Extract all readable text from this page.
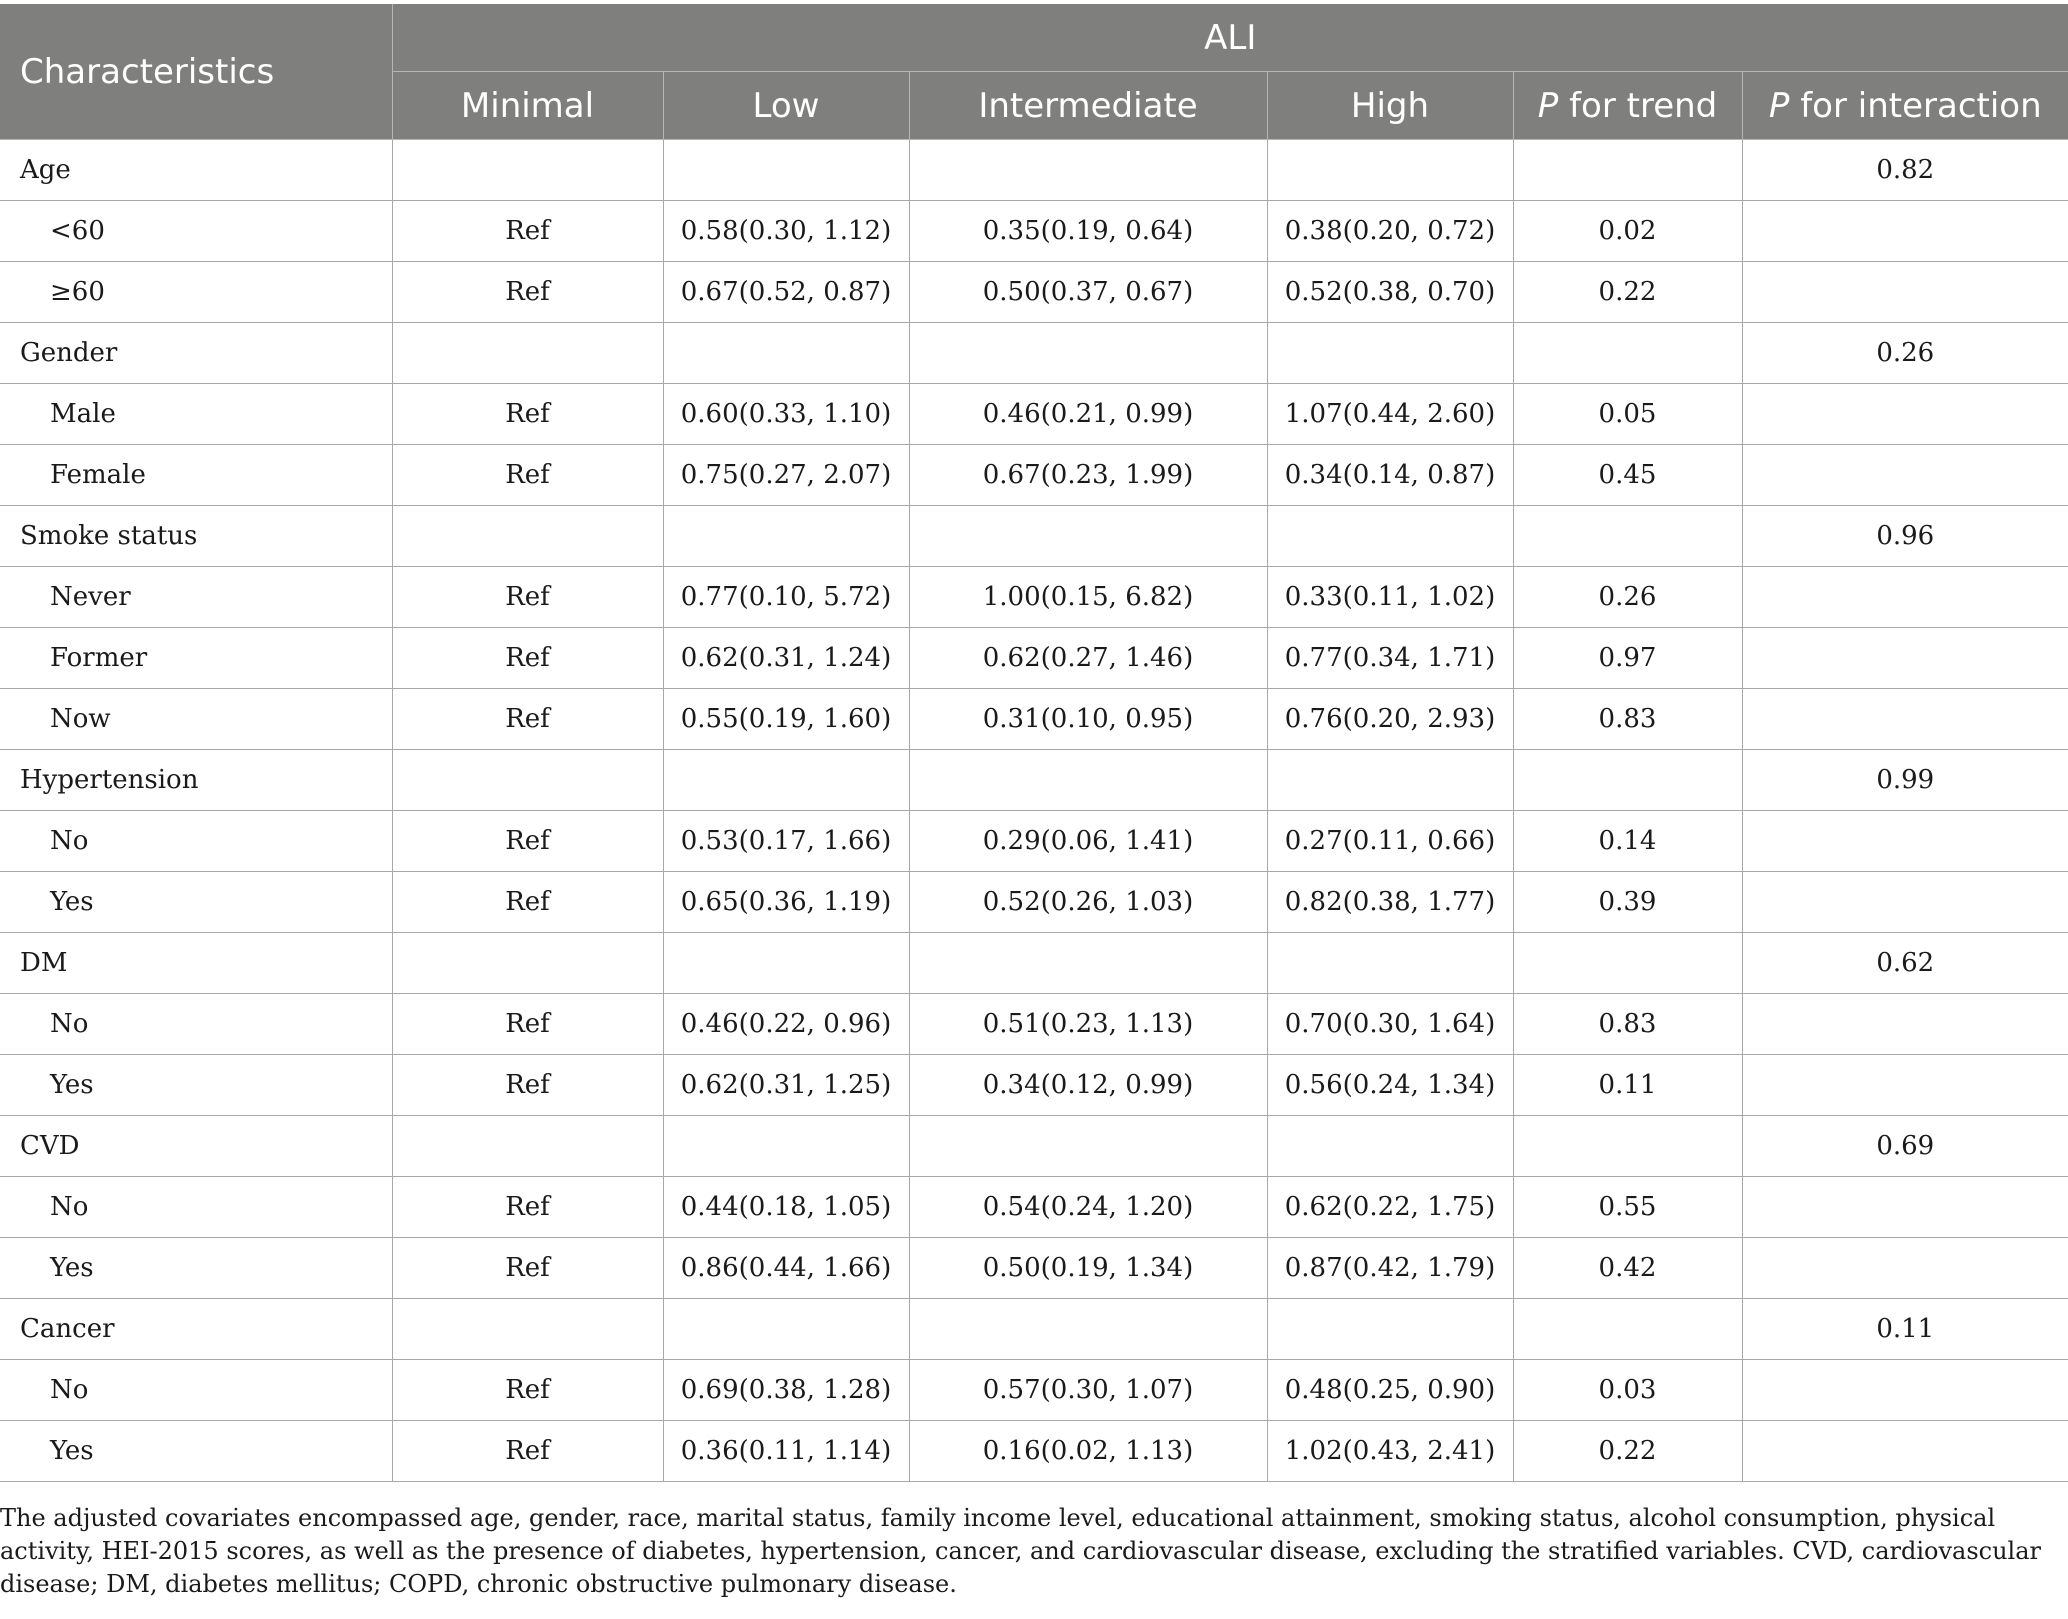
Characteristics	ALI					
	Minimal	Low	Intermediate	High	P for trend	P for interaction
Age						0.82
<60	Ref	0.58(0.30, 1.12)	0.35(0.19, 0.64)	0.38(0.20, 0.72)	0.02	
≥60	Ref	0.67(0.52, 0.87)	0.50(0.37, 0.67)	0.52(0.38, 0.70)	0.22	
Gender						0.26
Male	Ref	0.60(0.33, 1.10)	0.46(0.21, 0.99)	1.07(0.44, 2.60)	0.05	
Female	Ref	0.75(0.27, 2.07)	0.67(0.23, 1.99)	0.34(0.14, 0.87)	0.45	
Smoke status						0.96
Never	Ref	0.77(0.10, 5.72)	1.00(0.15, 6.82)	0.33(0.11, 1.02)	0.26	
Former	Ref	0.62(0.31, 1.24)	0.62(0.27, 1.46)	0.77(0.34, 1.71)	0.97	
Now	Ref	0.55(0.19, 1.60)	0.31(0.10, 0.95)	0.76(0.20, 2.93)	0.83	
Hypertension						0.99
No	Ref	0.53(0.17, 1.66)	0.29(0.06, 1.41)	0.27(0.11, 0.66)	0.14	
Yes	Ref	0.65(0.36, 1.19)	0.52(0.26, 1.03)	0.82(0.38, 1.77)	0.39	
DM						0.62
No	Ref	0.46(0.22, 0.96)	0.51(0.23, 1.13)	0.70(0.30, 1.64)	0.83	
Yes	Ref	0.62(0.31, 1.25)	0.34(0.12, 0.99)	0.56(0.24, 1.34)	0.11	
CVD						0.69
No	Ref	0.44(0.18, 1.05)	0.54(0.24, 1.20)	0.62(0.22, 1.75)	0.55	
Yes	Ref	0.86(0.44, 1.66)	0.50(0.19, 1.34)	0.87(0.42, 1.79)	0.42	
Cancer						0.11
No	Ref	0.69(0.38, 1.28)	0.57(0.30, 1.07)	0.48(0.25, 0.90)	0.03	
Yes	Ref	0.36(0.11, 1.14)	0.16(0.02, 1.13)	1.02(0.43, 2.41)	0.22	

The adjusted covariates encompassed age, gender, race, marital status, family income level, educational attainment, smoking status, alcohol consumption, physical activity, HEI-2015 scores, as well as the presence of diabetes, hypertension, cancer, and cardiovascular disease, excluding the stratified variables. CVD, cardiovascular disease; DM, diabetes mellitus; COPD, chronic obstructive pulmonary disease.
